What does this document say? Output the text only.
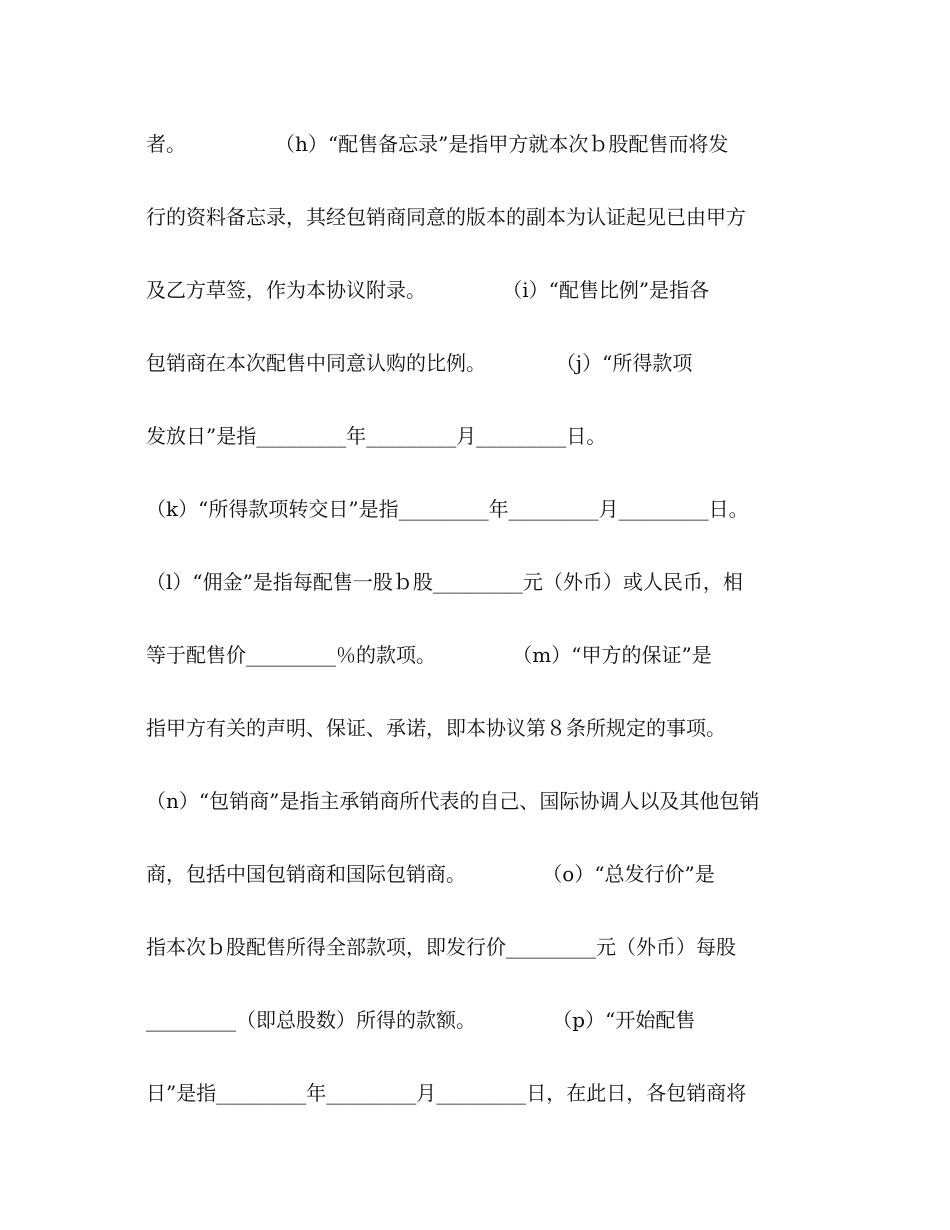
者。              （h）“配售备忘录”是指甲方就本次ｂ股配售而将发
行的资料备忘录，其经包销商同意的版本的副本为认证起见已由甲方
及乙方草签，作为本协议附录。            （i）“配售比例”是指各
包销商在本次配售中同意认购的比例。           （j）“所得款项
发放日”是指_________年_________月_________日。
（k）“所得款项转交日”是指_________年_________月_________日。
（l）“佣金”是指每配售一股ｂ股_________元（外币）或人民币，相
等于配售价_________％的款项。            （m）“甲方的保证”是
指甲方有关的声明、保证、承诺，即本协议第８条所规定的事项。
（n）“包销商”是指主承销商所代表的自己、国际协调人以及其他包销
商，包括中国包销商和国际包销商。            （o）“总发行价”是
指本次ｂ股配售所得全部款项，即发行价_________元（外币）每股
_________（即总股数）所得的款额。            （p）“开始配售
日”是指_________年_________月_________日，在此日，各包销商将
